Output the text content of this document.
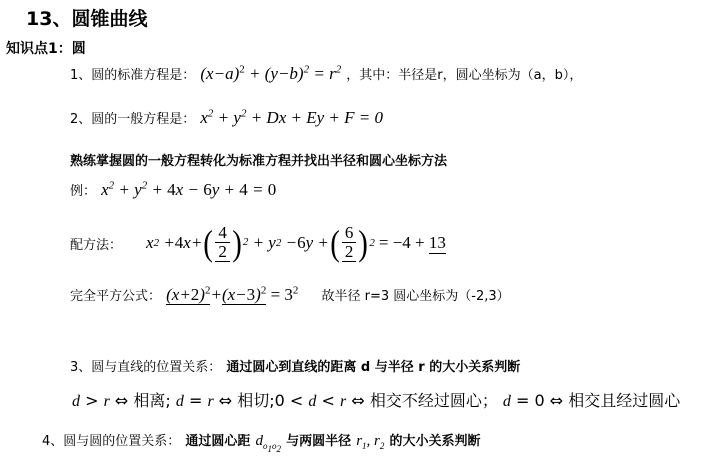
13、圆锥曲线
知识点1：圆
1、圆的标准方程是： $(x-a)^2 + (y-b)^2 = r^2$ ，其中：半径是r，圆心坐标为（a，b），
2、圆的一般方程是： $x^2 + y^2 + Dx + Ey + F = 0$
熟练掌握圆的一般方程转化为标准方程并找出半径和圆心坐标方法
例： $x^2 + y^2 + 4x - 6y + 4 = 0$
配方法： x 2 + 4 x+ ( $\frac{4}{2}$ ) 2 + y 2 − 6 y + ( $\frac{6}{2}$ ) 2 = −4 + 13
完全平方公式： $(x+2)^2+(x-3)^2 = 3^2$ 故半径 r=3 圆心坐标为（-2,3）
3、圆与直线的位置关系： 通过圆心到直线的距离 d 与半径 r 的大小关系判断
d > r ⇔ 相离; d = r ⇔ 相切;0 < d < r ⇔ 相交不经过圆心； d = 0 ⇔ 相交且经过圆心
4、圆与圆的位置关系： 通过圆心距 $d_{o_1o_2}$ 与两圆半径 $r_1$, $r_2$ 的大小关系判断
